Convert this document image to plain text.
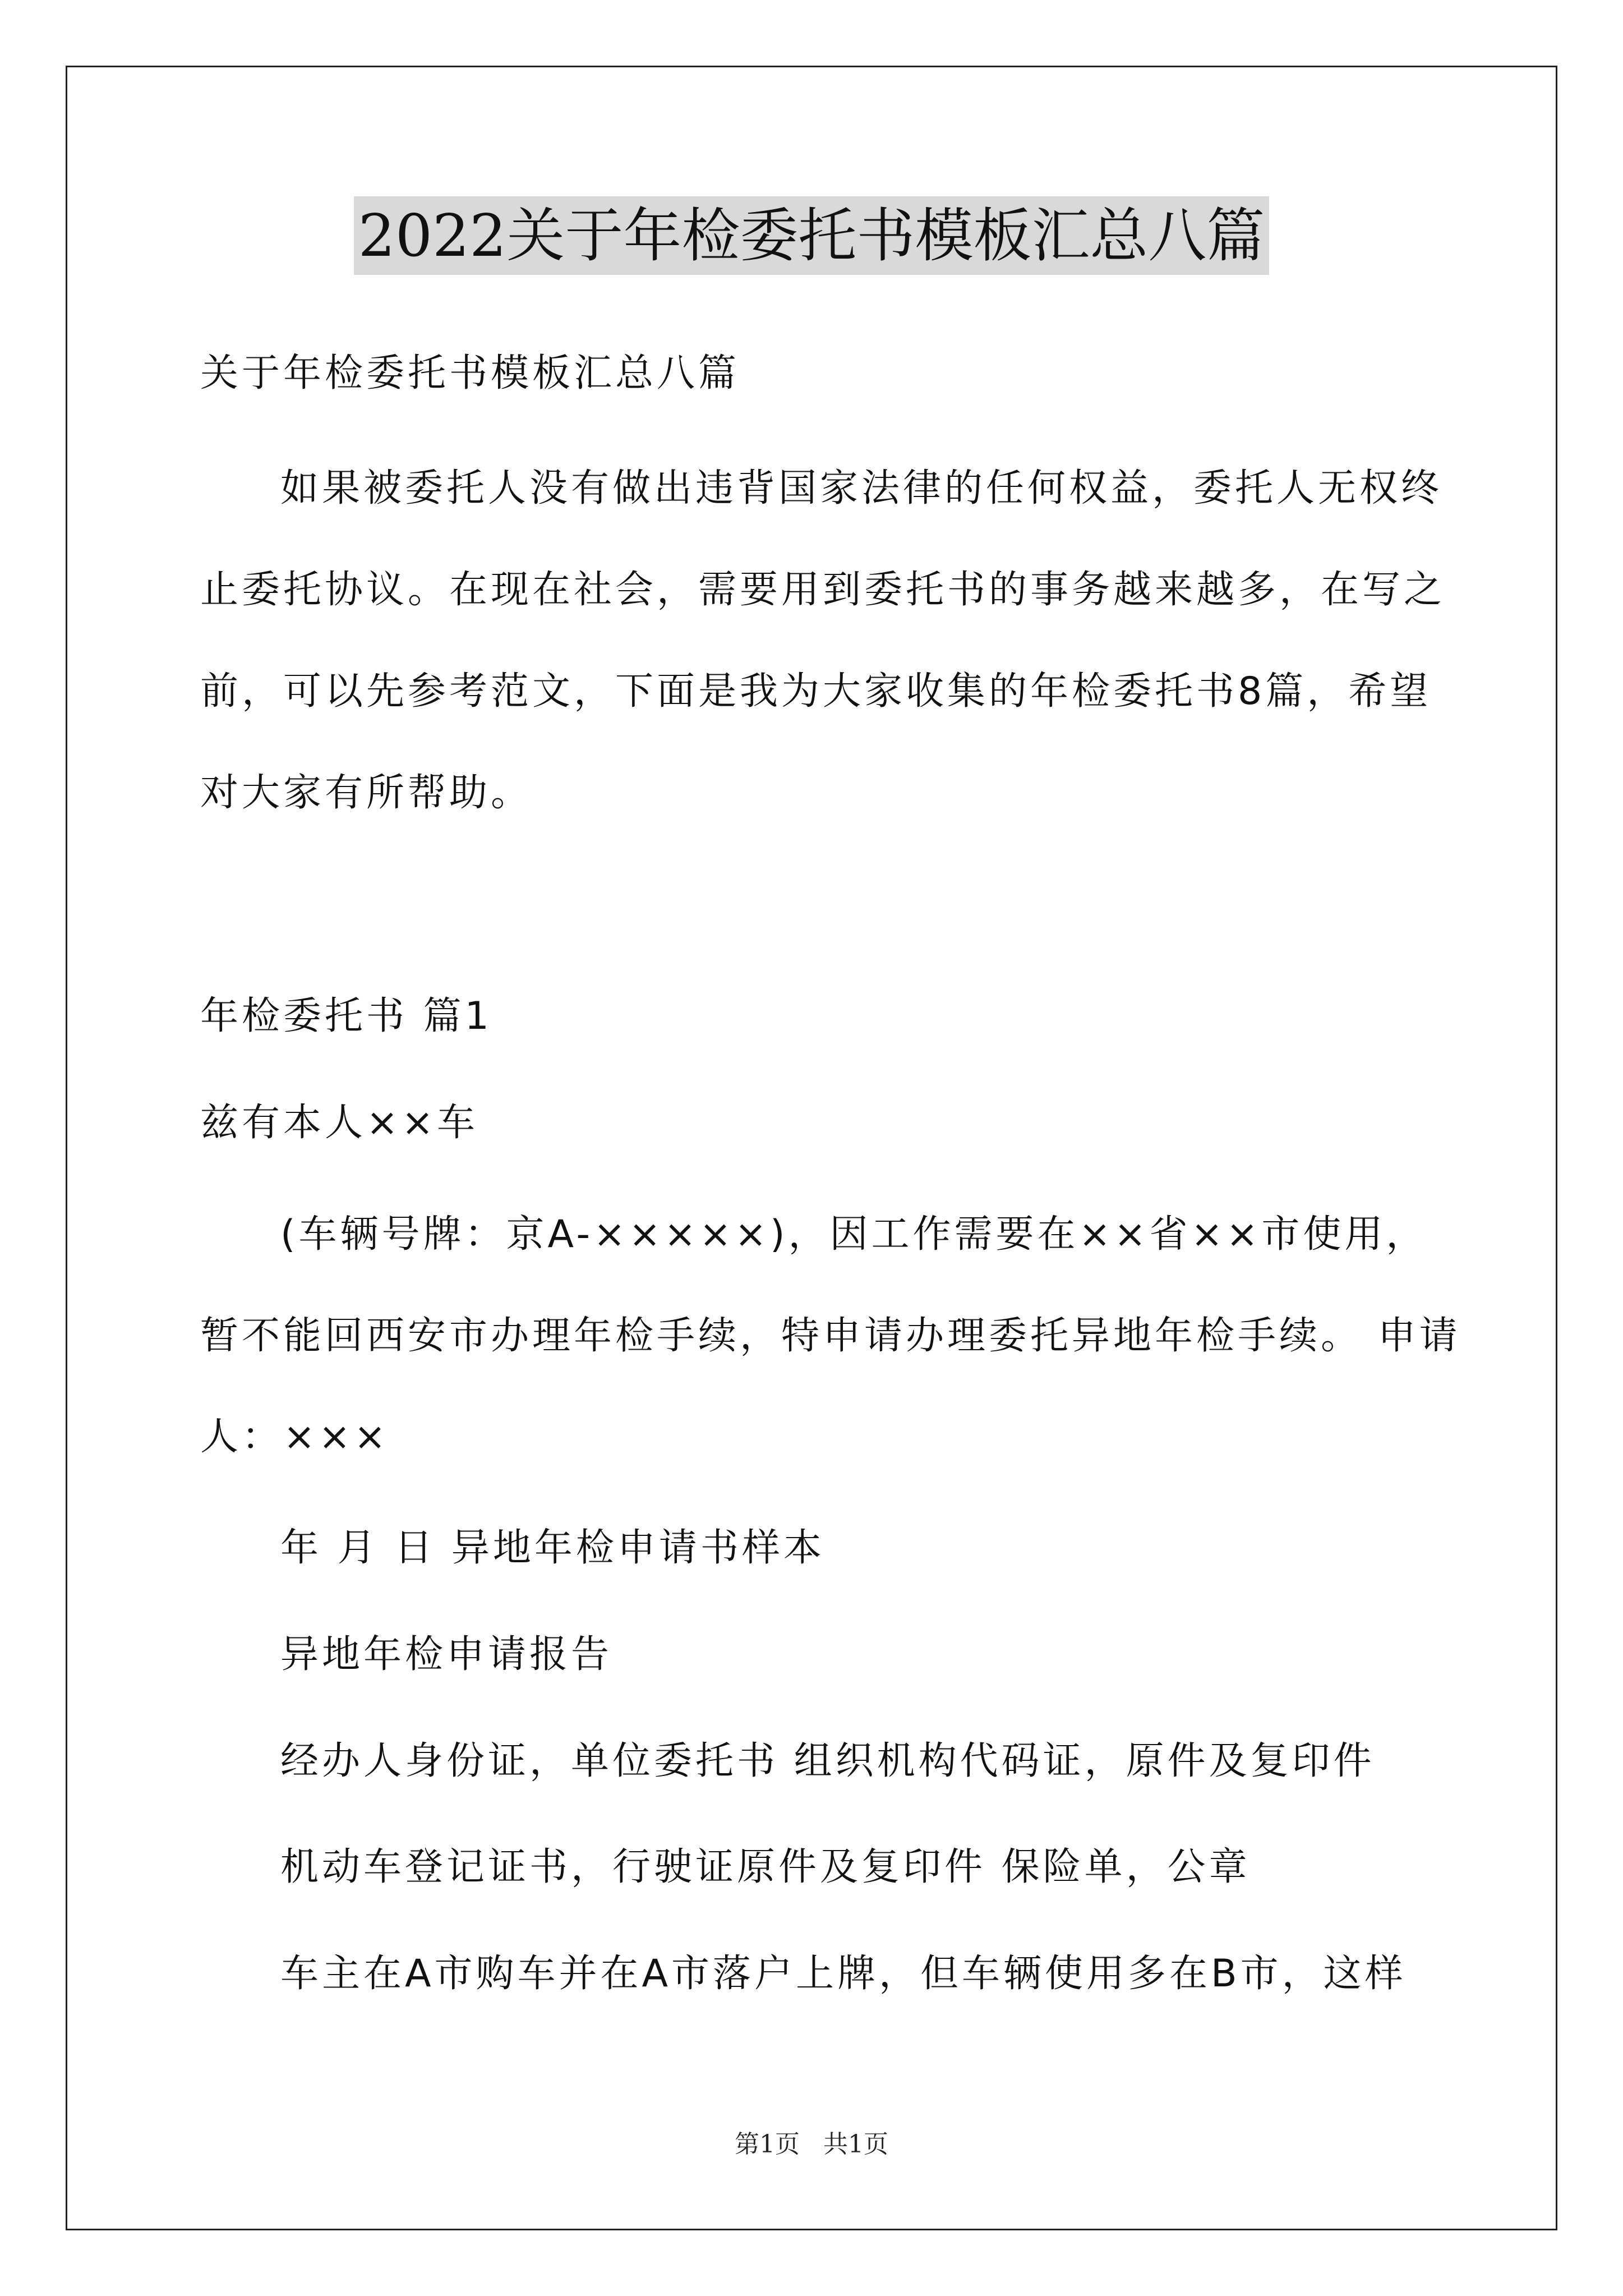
2022关于年检委托书模板汇总八篇

关于年检委托书模板汇总八篇

如果被委托人没有做出违背国家法律的任何权益，委托人无权终

止委托协议。在现在社会，需要用到委托书的事务越来越多，在写之

前，可以先参考范文，下面是我为大家收集的年检委托书8篇，希望

对大家有所帮助。

年检委托书 篇1

兹有本人××车

(车辆号牌：京A-×××××)，因工作需要在××省××市使用，

暂不能回西安市办理年检手续，特申请办理委托异地年检手续。 申请

人：×××

年 月 日 异地年检申请书样本

异地年检申请报告

经办人身份证，单位委托书 组织机构代码证，原件及复印件

机动车登记证书，行驶证原件及复印件 保险单，公章

车主在A市购车并在A市落户上牌，但车辆使用多在B市，这样

第1页 共1页
